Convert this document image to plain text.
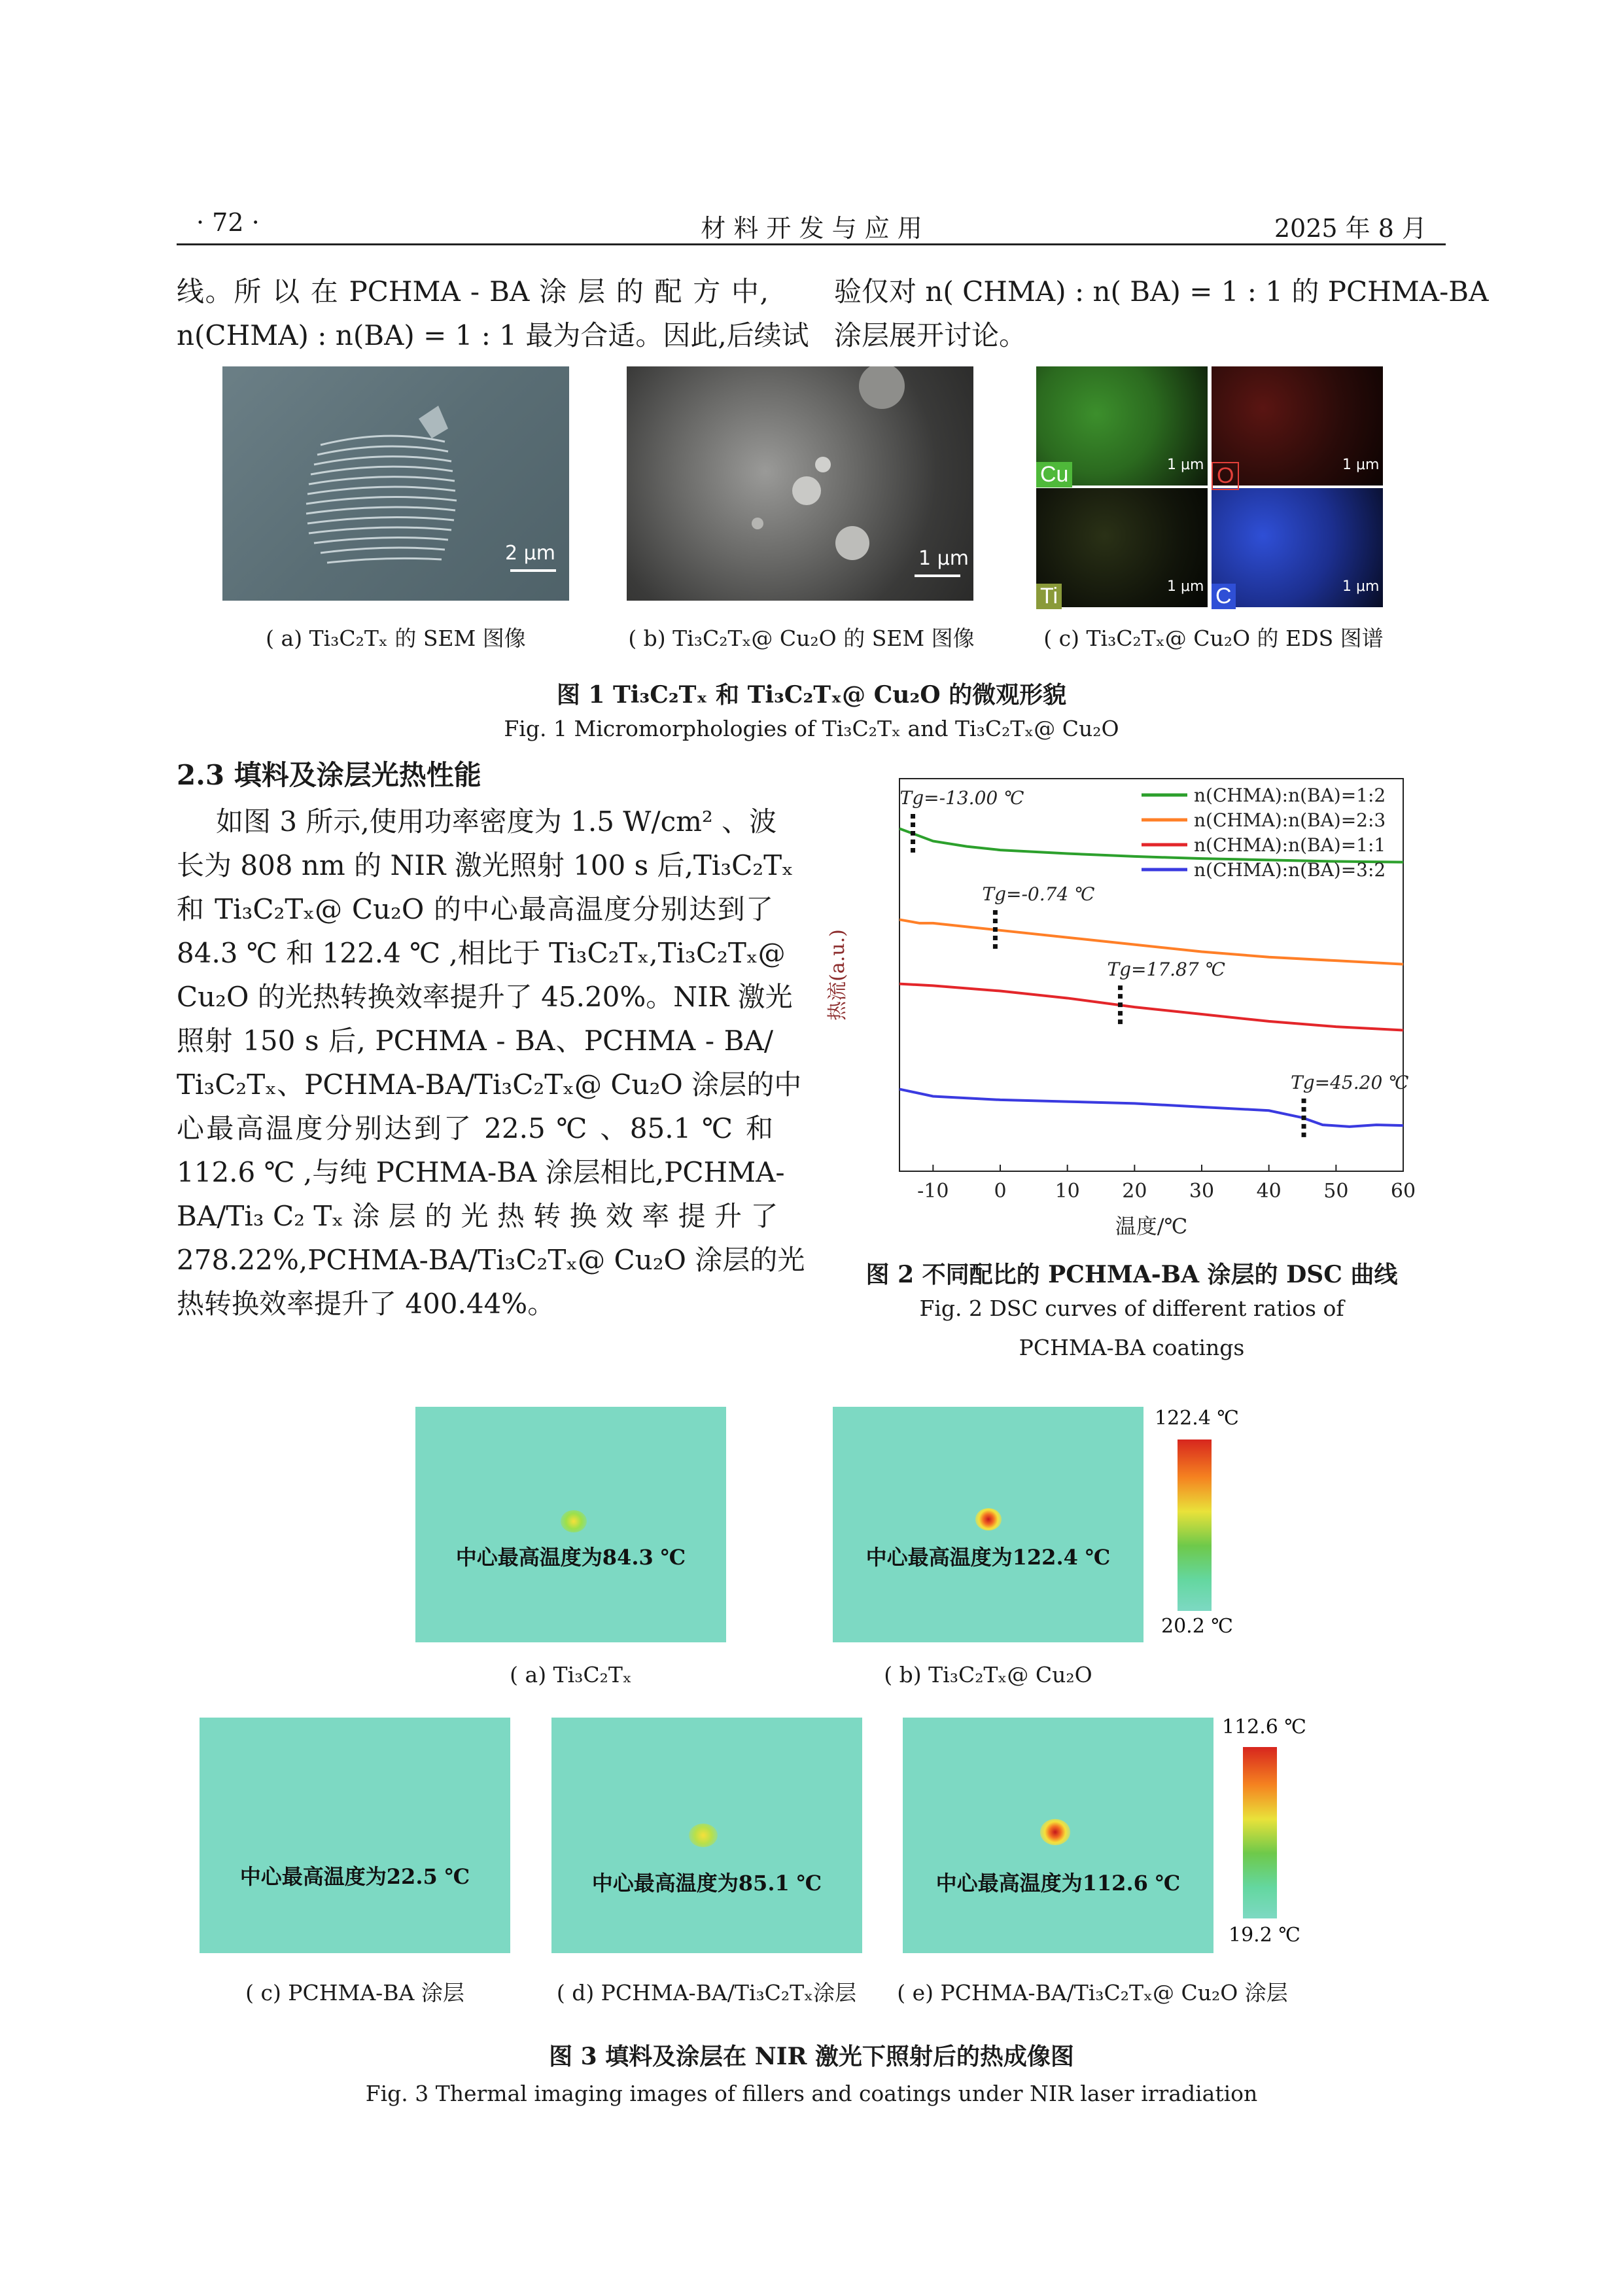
· 72 ·	材 料 开 发 与 应 用	2025 年 8 月
线。所 以 在 PCHMA - BA 涂 层 的 配 方 中,
n(CHMA) : n(BA) = 1 : 1 最为合适。因此,后续试
验仅对 n( CHMA) : n( BA) = 1 : 1 的 PCHMA-BA
涂层展开讨论。
2 μm	1 μm
Cu	O
Ti	C
1 μm	1 μm
1 μm	1 μm
( a) Ti₃C₂Tₓ 的 SEM 图像	( b) Ti₃C₂Tₓ@ Cu₂O 的 SEM 图像	( c) Ti₃C₂Tₓ@ Cu₂O 的 EDS 图谱
图 1 Ti₃C₂Tₓ 和 Ti₃C₂Tₓ@ Cu₂O 的微观形貌
Fig. 1 Micromorphologies of Ti₃C₂Tₓ and Ti₃C₂Tₓ@ Cu₂O
2.3 填料及涂层光热性能
如图 3 所示,使用功率密度为 1.5 W/cm² 、波
长为 808 nm 的 NIR 激光照射 100 s 后,Ti₃C₂Tₓ
和 Ti₃C₂Tₓ@ Cu₂O 的中心最高温度分别达到了
84.3 ℃ 和 122.4 ℃ ,相比于 Ti₃C₂Tₓ,Ti₃C₂Tₓ@
Cu₂O 的光热转换效率提升了 45.20%。NIR 激光
照射 150 s 后, PCHMA - BA、PCHMA - BA/
Ti₃C₂Tₓ、PCHMA-BA/Ti₃C₂Tₓ@ Cu₂O 涂层的中
心最高温度分别达到了 22.5 ℃ 、85.1 ℃ 和
112.6 ℃ ,与纯 PCHMA-BA 涂层相比,PCHMA-
BA/Ti₃ C₂ Tₓ 涂 层 的 光 热 转 换 效 率 提 升 了
278.22%,PCHMA-BA/Ti₃C₂Tₓ@ Cu₂O 涂层的光
热转换效率提升了 400.44%。
-10 0 10 20 30 40 50 60
温度/℃
热流(a.u.)
Tg=-13.00 ℃	n(CHMA):n(BA)=1:2
Tg=-0.74 ℃
n(CHMA):n(BA)=2:3
Tg=17.87 ℃
n(CHMA):n(BA)=1:1
Tg=45.20 ℃
n(CHMA):n(BA)=3:2
图 2 不同配比的 PCHMA-BA 涂层的 DSC 曲线
Fig. 2 DSC curves of different ratios of
PCHMA-BA coatings
中心最高温度为84.3 ℃	中心最高温度为122.4 ℃
122.4 ℃
20.2 ℃
( a) Ti₃C₂Tₓ	( b) Ti₃C₂Tₓ@ Cu₂O
中心最高温度为22.5 ℃	中心最高温度为85.1 ℃	中心最高温度为112.6 ℃
112.6 ℃
19.2 ℃
( c) PCHMA-BA 涂层	( d) PCHMA-BA/Ti₃C₂Tₓ涂层	( e) PCHMA-BA/Ti₃C₂Tₓ@ Cu₂O 涂层
图 3 填料及涂层在 NIR 激光下照射后的热成像图
Fig. 3 Thermal imaging images of fillers and coatings under NIR laser irradiation
